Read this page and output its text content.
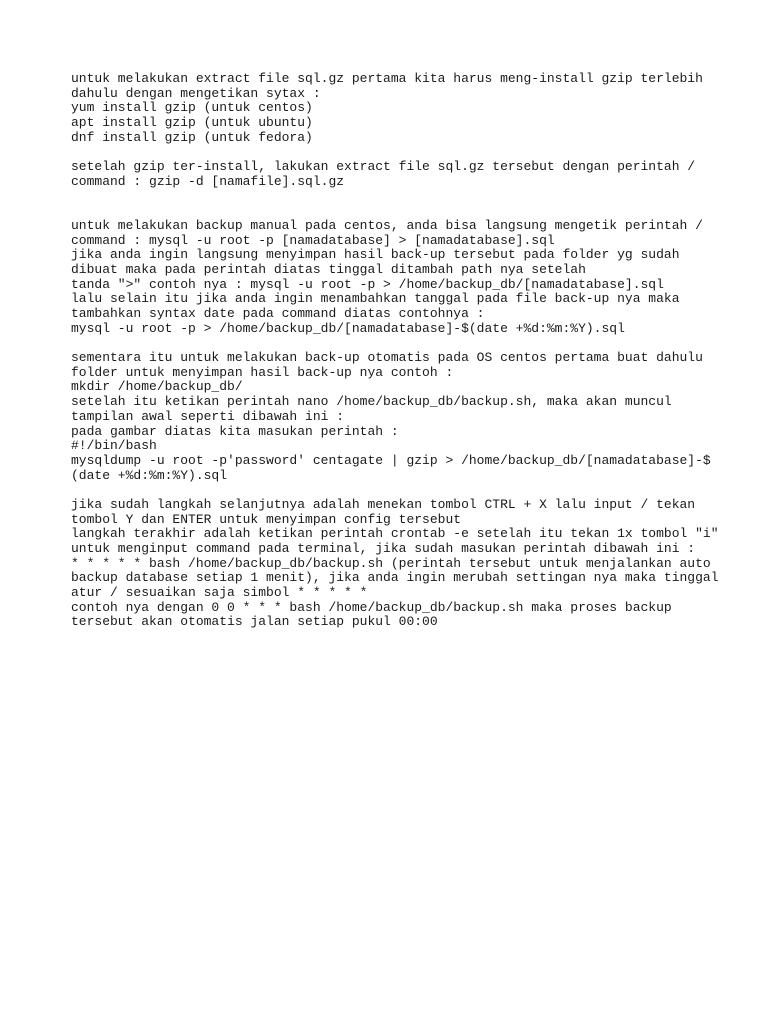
untuk melakukan extract file sql.gz pertama kita harus meng-install gzip terlebih
dahulu dengan mengetikan sytax :
yum install gzip (untuk centos)
apt install gzip (untuk ubuntu)
dnf install gzip (untuk fedora)
setelah gzip ter-install, lakukan extract file sql.gz tersebut dengan perintah /
command : gzip -d [namafile].sql.gz
untuk melakukan backup manual pada centos, anda bisa langsung mengetik perintah /
command : mysql -u root -p [namadatabase] > [namadatabase].sql
jika anda ingin langsung menyimpan hasil back-up tersebut pada folder yg sudah
dibuat maka pada perintah diatas tinggal ditambah path nya setelah
tanda ">" contoh nya : mysql -u root -p > /home/backup_db/[namadatabase].sql
lalu selain itu jika anda ingin menambahkan tanggal pada file back-up nya maka
tambahkan syntax date pada command diatas contohnya :
mysql -u root -p > /home/backup_db/[namadatabase]-$(date +%d:%m:%Y).sql
sementara itu untuk melakukan back-up otomatis pada OS centos pertama buat dahulu
folder untuk menyimpan hasil back-up nya contoh :
mkdir /home/backup_db/
setelah itu ketikan perintah nano /home/backup_db/backup.sh, maka akan muncul
tampilan awal seperti dibawah ini :
pada gambar diatas kita masukan perintah :
#!/bin/bash
mysqldump -u root -p'password' centagate | gzip > /home/backup_db/[namadatabase]-$
(date +%d:%m:%Y).sql
jika sudah langkah selanjutnya adalah menekan tombol CTRL + X lalu input / tekan
tombol Y dan ENTER untuk menyimpan config tersebut
langkah terakhir adalah ketikan perintah crontab -e setelah itu tekan 1x tombol "i"
untuk menginput command pada terminal, jika sudah masukan perintah dibawah ini :
* * * * * bash /home/backup_db/backup.sh (perintah tersebut untuk menjalankan auto
backup database setiap 1 menit), jika anda ingin merubah settingan nya maka tinggal
atur / sesuaikan saja simbol * * * * *
contoh nya dengan 0 0 * * * bash /home/backup_db/backup.sh maka proses backup
tersebut akan otomatis jalan setiap pukul 00:00
